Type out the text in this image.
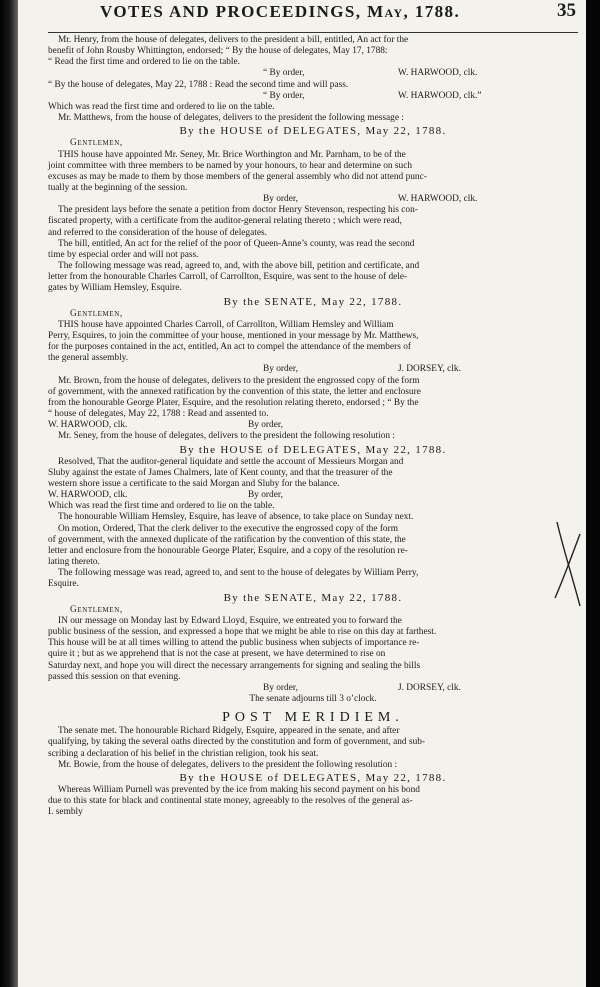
VOTES AND PROCEEDINGS, May, 1788.	35
Mr. Henry, from the house of delegates, delivers to the president a bill, entitled, An act for the
benefit of John Rousby Whittington, endorsed; “ By the house of delegates, May 17, 1788:
“ Read the first time and ordered to lie on the table.
“ By order,	W. HARWOOD, clk.
“ By the house of delegates, May 22, 1788 : Read the second time and will pass.
“ By order,	W. HARWOOD, clk.”
Which was read the first time and ordered to lie on the table.
Mr. Matthews, from the house of delegates, delivers to the president the following message :
By the HOUSE of DELEGATES, May 22, 1788.
Gentlemen,
THIS house have appointed Mr. Seney, Mr. Brice Worthington and Mr. Parnham, to be of the
joint committee with three members to be named by your honours, to hear and determine on such
excuses as may be made to them by those members of the general assembly who did not attend punc-
tually at the beginning of the session.
By order,	W. HARWOOD, clk.
The president lays before the senate a petition from doctor Henry Stevenson, respecting his con-
fiscated property, with a certificate from the auditor-general relating thereto ; which were read,
and referred to the consideration of the house of delegates.
The bill, entitled, An act for the relief of the poor of Queen-Anne’s county, was read the second
time by especial order and will not pass.
The following message was read, agreed to, and, with the above bill, petition and certificate, and
letter from the honourable Charles Carroll, of Carrollton, Esquire, was sent to the house of dele-
gates by William Hemsley, Esquire.
By the SENATE, May 22, 1788.
Gentlemen,
THIS house have appointed Charles Carroll, of Carrollton, William Hemsley and William
Perry, Esquires, to join the committee of your house, mentioned in your message by Mr. Matthews,
for the purposes contained in the act, entitled, An act to compel the attendance of the members of
the general assembly.
By order,	J. DORSEY, clk.
Mr. Brown, from the house of delegates, delivers to the president the engrossed copy of the form
of government, with the annexed ratification by the convention of this state, the letter and enclosure
from the honourable George Plater, Esquire, and the resolution relating thereto, endorsed ; “ By the
“ house of delegates, May 22, 1788 : Read and assented to.
By order,
W. HARWOOD, clk.
Mr. Seney, from the house of delegates, delivers to the president the following resolution :
By the HOUSE of DELEGATES, May 22, 1788.
Resolved, That the auditor-general liquidate and settle the account of Messieurs Morgan and
Sluby against the estate of James Chalmers, late of Kent county, and that the treasurer of the
western shore issue a certificate to the said Morgan and Sluby for the balance.
By order,
W. HARWOOD, clk.
Which was read the first time and ordered to lie on the table.
The honourable William Hemsley, Esquire, has leave of absence, to take place on Sunday next.
On motion, Ordered, That the clerk deliver to the executive the engrossed copy of the form
of government, with the annexed duplicate of the ratification by the convention of this state, the
letter and enclosure from the honourable George Plater, Esquire, and a copy of the resolution re-
lating thereto.
The following message was read, agreed to, and sent to the house of delegates by William Perry,
Esquire.
By the SENATE, May 22, 1788.
Gentlemen,
IN our message on Monday last by Edward Lloyd, Esquire, we entreated you to forward the
public business of the session, and expressed a hope that we might be able to rise on this day at farthest.
This house will be at all times willing to attend the public business when subjects of importance re-
quire it ; but as we apprehend that is not the case at present, we have determined to rise on
Saturday next, and hope you will direct the necessary arrangements for signing and sealing the bills
passed this session on that evening.
By order,	J. DORSEY, clk.
The senate adjourns till 3 o’clock.
POST MERIDIEM.
The senate met. The honourable Richard Ridgely, Esquire, appeared in the senate, and after
qualifying, by taking the several oaths directed by the constitution and form of government, and sub-
scribing a declaration of his belief in the christian religion, took his seat.
Mr. Bowie, from the house of delegates, delivers to the president the following resolution :
By the HOUSE of DELEGATES, May 22, 1788.
Whereas William Purnell was prevented by the ice from making his second payment on his bond
due to this state for black and continental state money, agreeably to the resolves of the general as-
I. sembly
